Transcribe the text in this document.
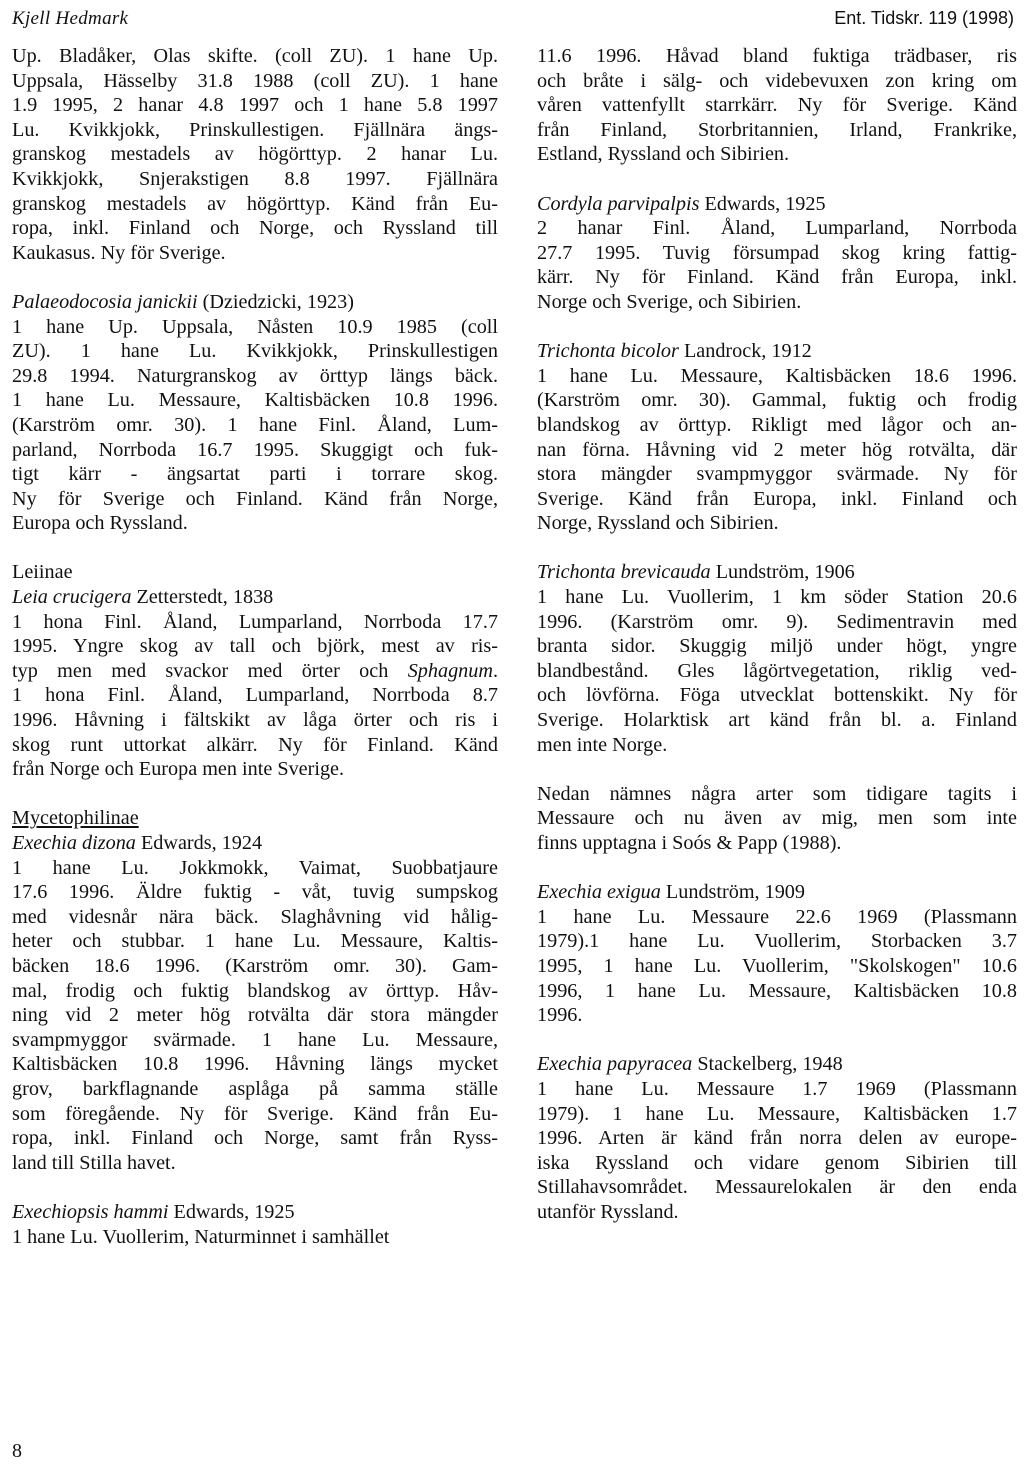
Kjell Hedmark	Ent. Tidskr. 119 (1998)
Up. Bladåker, Olas skifte. (coll ZU). 1 hane Up.
Uppsala, Hässelby 31.8 1988 (coll ZU). 1 hane
1.9 1995, 2 hanar 4.8 1997 och 1 hane 5.8 1997
Lu. Kvikkjokk, Prinskullestigen. Fjällnära ängs-
granskog mestadels av högörttyp. 2 hanar Lu.
Kvikkjokk, Snjerakstigen 8.8 1997. Fjällnära
granskog mestadels av högörttyp. Känd från Eu-
ropa, inkl. Finland och Norge, och Ryssland till
Kaukasus. Ny för Sverige.
Palaeodocosia janickii (Dziedzicki, 1923)
1 hane Up. Uppsala, Nåsten 10.9 1985 (coll
ZU). 1 hane Lu. Kvikkjokk, Prinskullestigen
29.8 1994. Naturgranskog av örttyp längs bäck.
1 hane Lu. Messaure, Kaltisbäcken 10.8 1996.
(Karström omr. 30). 1 hane Finl. Åland, Lum-
parland, Norrboda 16.7 1995. Skuggigt och fuk-
tigt kärr - ängsartat parti i torrare skog.
Ny för Sverige och Finland. Känd från Norge,
Europa och Ryssland.
Leiinae
Leia crucigera Zetterstedt, 1838
1 hona Finl. Åland, Lumparland, Norrboda 17.7
1995. Yngre skog av tall och björk, mest av ris-
typ men med svackor med örter och Sphagnum.
1 hona Finl. Åland, Lumparland, Norrboda 8.7
1996. Håvning i fältskikt av låga örter och ris i
skog runt uttorkat alkärr. Ny för Finland. Känd
från Norge och Europa men inte Sverige.
Mycetophilinae
Exechia dizona Edwards, 1924
1 hane Lu. Jokkmokk, Vaimat, Suobbatjaure
17.6 1996. Äldre fuktig - våt, tuvig sumpskog
med videsnår nära bäck. Slaghåvning vid hålig-
heter och stubbar. 1 hane Lu. Messaure, Kaltis-
bäcken 18.6 1996. (Karström omr. 30). Gam-
mal, frodig och fuktig blandskog av örttyp. Håv-
ning vid 2 meter hög rotvälta där stora mängder
svampmyggor svärmade. 1 hane Lu. Messaure,
Kaltisbäcken 10.8 1996. Håvning längs mycket
grov, barkflagnande asplåga på samma ställe
som föregående. Ny för Sverige. Känd från Eu-
ropa, inkl. Finland och Norge, samt från Ryss-
land till Stilla havet.
Exechiopsis hammi Edwards, 1925
1 hane Lu. Vuollerim, Naturminnet i samhället
11.6 1996. Håvad bland fuktiga trädbaser, ris
och bråte i sälg- och videbevuxen zon kring om
våren vattenfyllt starrkärr. Ny för Sverige. Känd
från Finland, Storbritannien, Irland, Frankrike,
Estland, Ryssland och Sibirien.
Cordyla parvipalpis Edwards, 1925
2 hanar Finl. Åland, Lumparland, Norrboda
27.7 1995. Tuvig försumpad skog kring fattig-
kärr. Ny för Finland. Känd från Europa, inkl.
Norge och Sverige, och Sibirien.
Trichonta bicolor Landrock, 1912
1 hane Lu. Messaure, Kaltisbäcken 18.6 1996.
(Karström omr. 30). Gammal, fuktig och frodig
blandskog av örttyp. Rikligt med lågor och an-
nan förna. Håvning vid 2 meter hög rotvälta, där
stora mängder svampmyggor svärmade. Ny för
Sverige. Känd från Europa, inkl. Finland och
Norge, Ryssland och Sibirien.
Trichonta brevicauda Lundström, 1906
1 hane Lu. Vuollerim, 1 km söder Station 20.6
1996. (Karström omr. 9). Sedimentravin med
branta sidor. Skuggig miljö under högt, yngre
blandbestånd. Gles lågörtvegetation, riklig ved-
och lövförna. Föga utvecklat bottenskikt. Ny för
Sverige. Holarktisk art känd från bl. a. Finland
men inte Norge.
Nedan nämnes några arter som tidigare tagits i
Messaure och nu även av mig, men som inte
finns upptagna i Soós & Papp (1988).
Exechia exigua Lundström, 1909
1 hane Lu. Messaure 22.6 1969 (Plassmann
1979).1 hane Lu. Vuollerim, Storbacken 3.7
1995, 1 hane Lu. Vuollerim, "Skolskogen" 10.6
1996, 1 hane Lu. Messaure, Kaltisbäcken 10.8
1996.
Exechia papyracea Stackelberg, 1948
1 hane Lu. Messaure 1.7 1969 (Plassmann
1979). 1 hane Lu. Messaure, Kaltisbäcken 1.7
1996. Arten är känd från norra delen av europe-
iska Ryssland och vidare genom Sibirien till
Stillahavsområdet. Messaurelokalen är den enda
utanför Ryssland.
8
